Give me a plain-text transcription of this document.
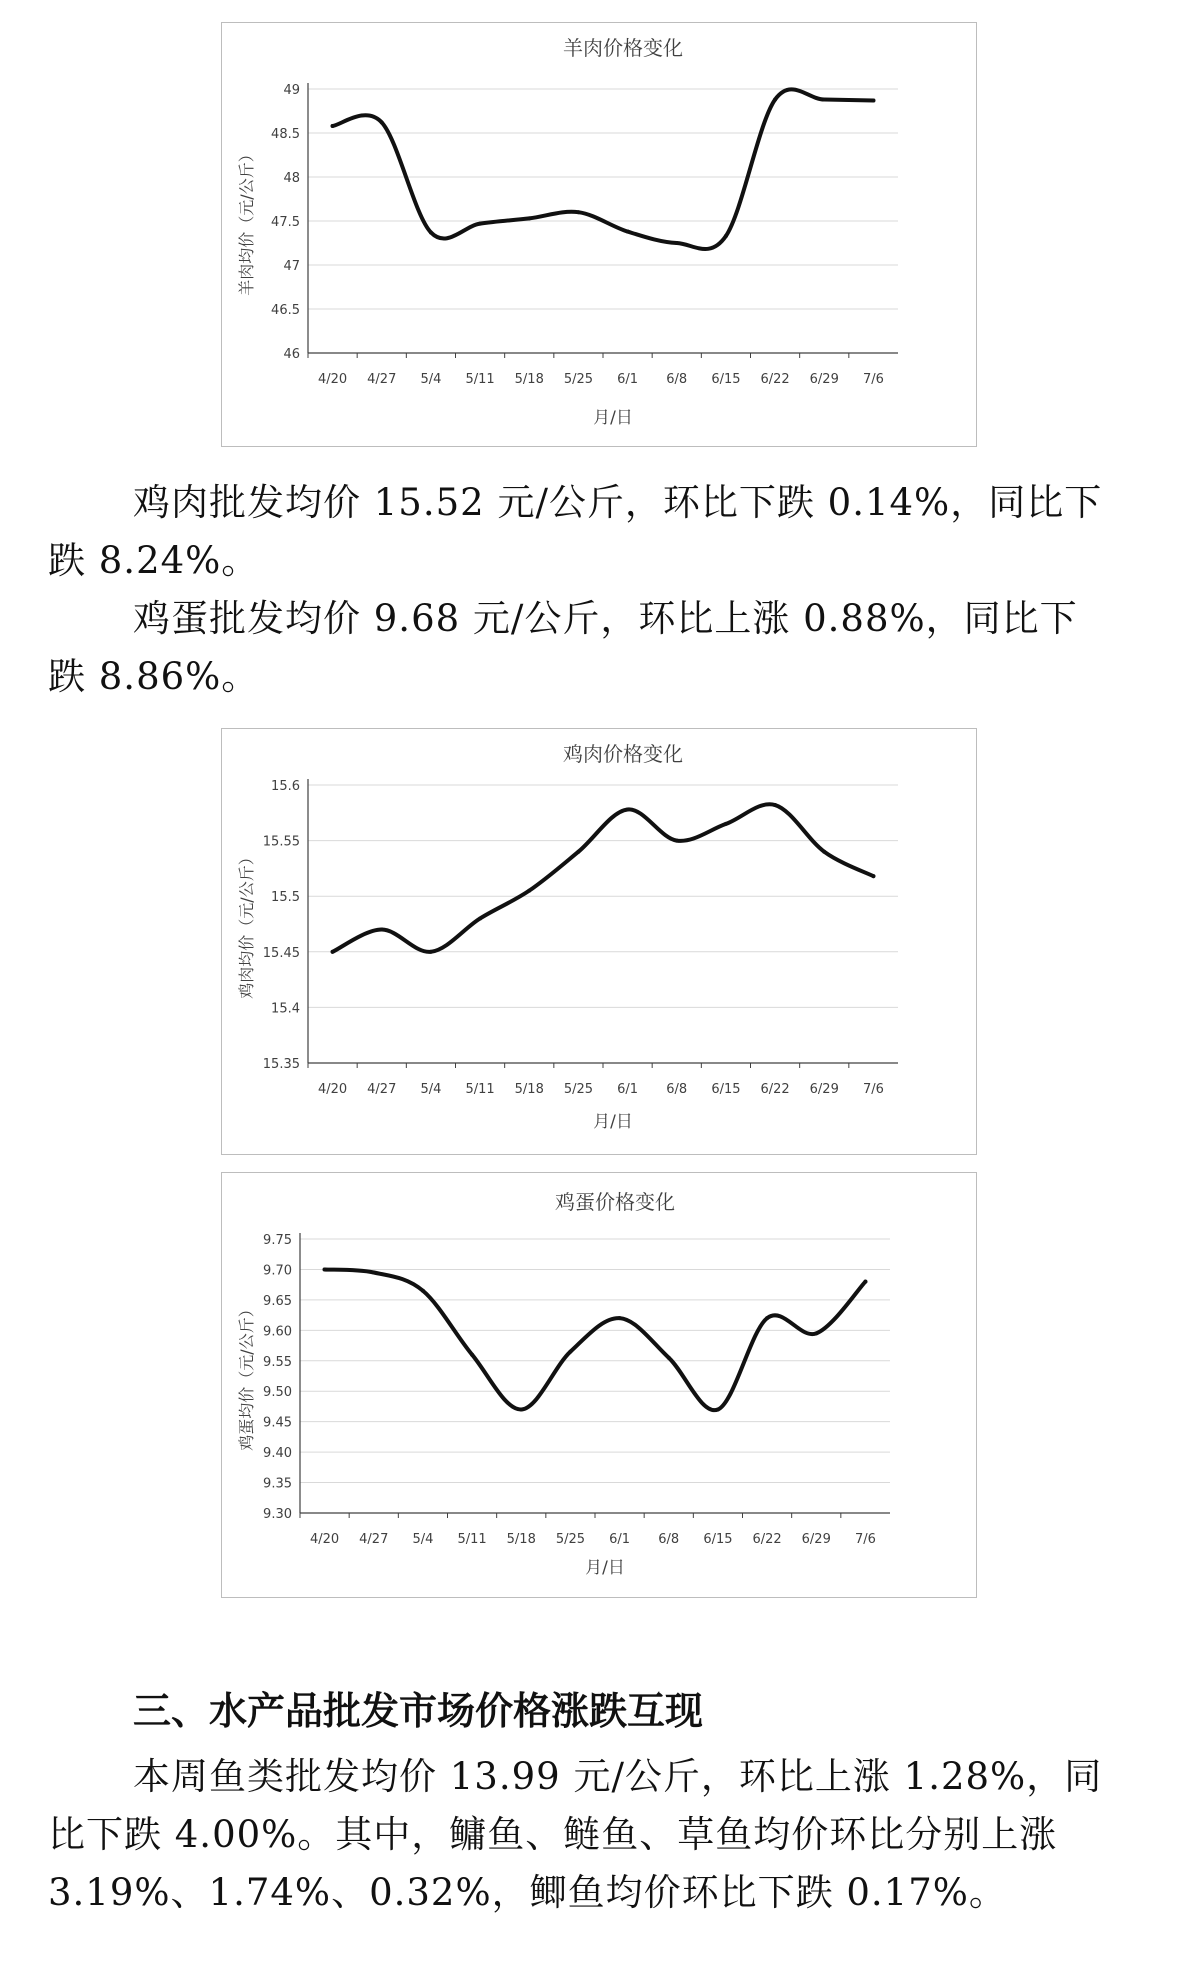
羊肉价格变化
46
46.5
47
47.5
48
48.5
49
4/20 4/27 5/4 5/11 5/18 5/25 6/1 6/8 6/15 6/22 6/29 7/6
月/日
羊肉均价（元/公斤）

鸡肉批发均价 15.52 元/公斤，环比下跌 0.14%，同比下
跌 8.24%。

鸡蛋批发均价 9.68 元/公斤，环比上涨 0.88%，同比下
跌 8.86%。

鸡肉价格变化
15.35
15.4
15.45
15.5
15.55
15.6
4/20 4/27 5/4 5/11 5/18 5/25 6/1 6/8 6/15 6/22 6/29 7/6
月/日
鸡肉均价（元/公斤）
鸡蛋价格变化
9.30
9.35
9.40
9.45
9.50
9.55
9.60
9.65
9.70
9.75
4/20 4/27 5/4 5/11 5/18 5/25 6/1 6/8 6/15 6/22 6/29 7/6
月/日
鸡蛋均价（元/公斤）
三、水产品批发市场价格涨跌互现

本周鱼类批发均价 13.99 元/公斤，环比上涨 1.28%，同
比下跌 4.00%。其中，鳙鱼、鲢鱼、草鱼均价环比分别上涨
3.19%、1.74%、0.32%，鲫鱼均价环比下跌 0.17%。
